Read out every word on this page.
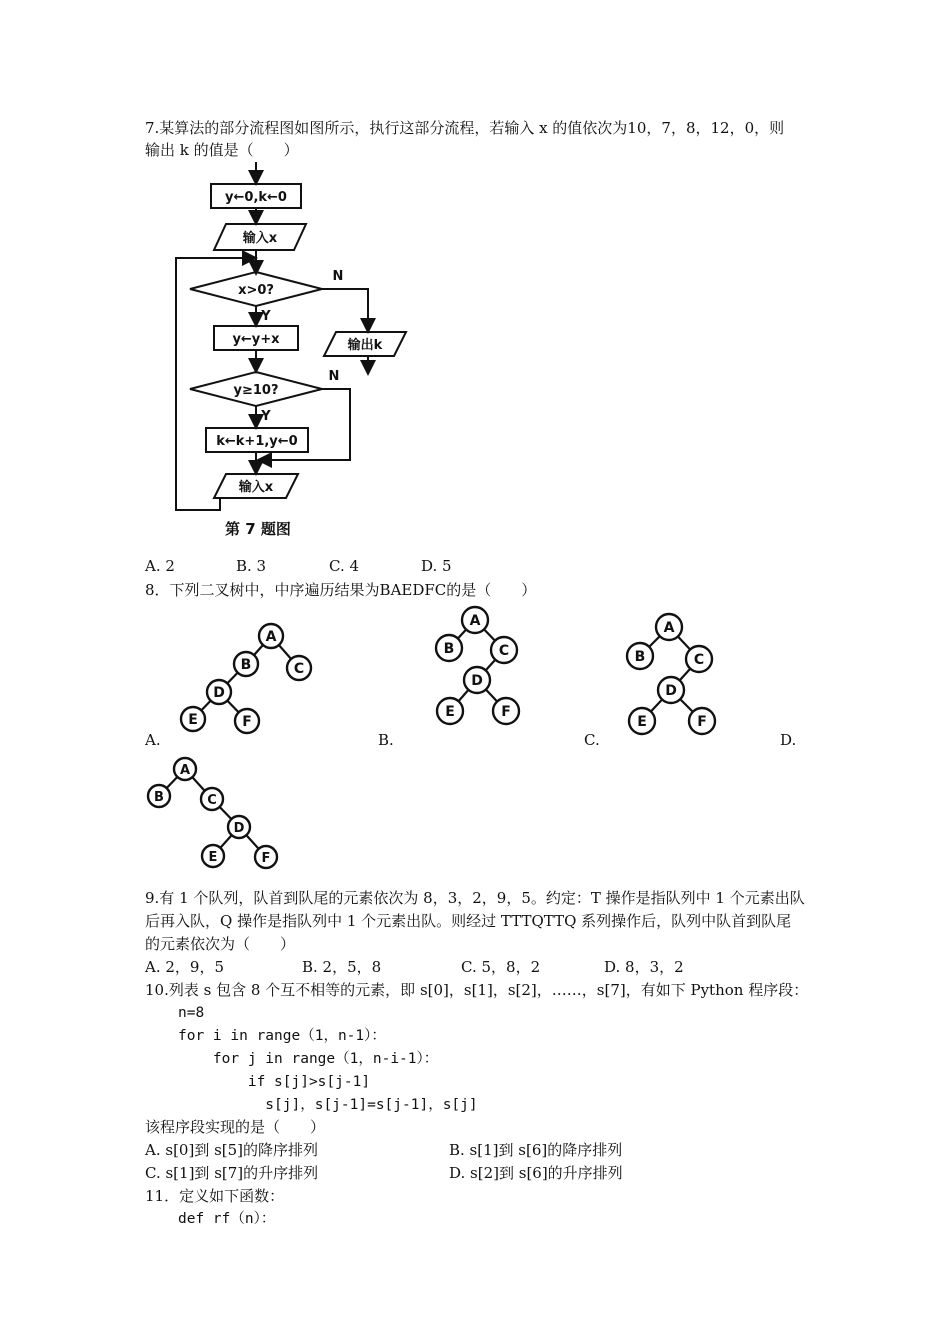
7.某算法的部分流程图如图所示，执行这部分流程，若输入 x 的值依次为10，7，8，12，0，则
输出 k 的值是（　　）
y←0,k←0
输入x
x>0?
N
Y
y←y+x	输出k
y≥10?
N
Y
k←k+1,y←0
输入x
第 7 题图
A. 2	B. 3	C. 4	D. 5
8．下列二叉树中，中序遍历结果为BAEDFC的是（　　）
A
B	C
D
E	F
A
B	C
D
E	F
A
B	C
D
E	F
A.	B.	C.	D.
A
B	C
D
E	F
9.有 1 个队列，队首到队尾的元素依次为 8，3，2，9，5。约定：T 操作是指队列中 1 个元素出队
后再入队，Q 操作是指队列中 1 个元素出队。则经过 TTTQTTQ 系列操作后，队列中队首到队尾
的元素依次为（　　）
A. 2，9，5	B. 2，5，8	C. 5，8，2	D. 8，3，2
10.列表 s 包含 8 个互不相等的元素，即 s[0]，s[1]，s[2]，……，s[7]，有如下 Python 程序段：
n=8
for i in range（1，n-1）：
for j in range（1，n-i-1）：
if s[j]>s[j-1]
s[j]，s[j-1]=s[j-1]，s[j]
该程序段实现的是（　　）
A. s[0]到 s[5]的降序排列	B. s[1]到 s[6]的降序排列
C. s[1]到 s[7]的升序排列	D. s[2]到 s[6]的升序排列
11．定义如下函数：
def rf（n）：
